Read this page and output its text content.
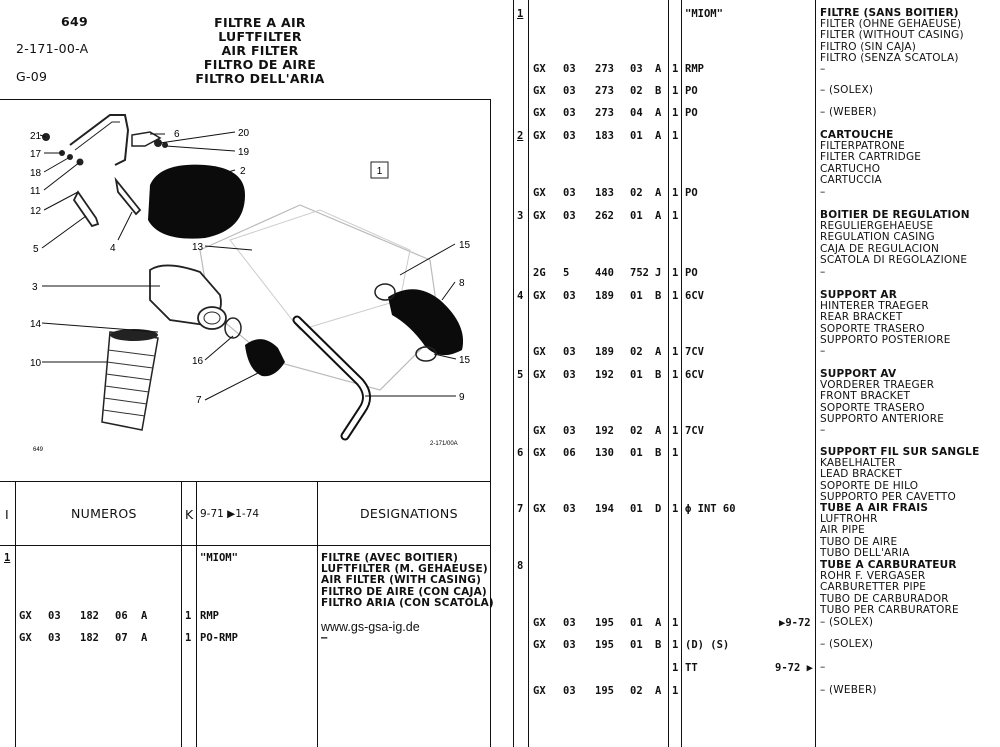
649
2-171-00-A
G-09
FILTRE A AIR
LUFTFILTER
AIR FILTER
FILTRO DE AIRE
FILTRO DELL'ARIA
1
21
17
18
11
12
5	4
6	20
19
2
13	15
8
3
14
10	16
7	9
15
649
2-171/00A
I	NUMEROS	K 9-71 ▶1-74	DESIGNATIONS
1	"MIOM"	FILTRE (AVEC BOITIER)
LUFTFILTER (M. GEHAEUSE)
AIR FILTER (WITH CASING)
FILTRO DE AIRE (CON CAJA)
FILTRO ARIA (CON SCATOLA)
GX 03 182 06 A	1 RMP
www.gs-gsa-ig.de
GX 03 182 07 A	1 PO-RMP	–
1	"MIOM"	FILTRE (SANS BOITIER)
FILTER (OHNE GEHAEUSE)
FILTER (WITHOUT CASING)
FILTRO (SIN CAJA)
FILTRO (SENZA SCATOLA)
–
GX 03 273 03 A 1 RMP
GX 03 273 02 B 1 PO	– (SOLEX)
GX 03 273 04 A 1 PO	– (WEBER)
2 GX 03 183 01 A 1	CARTOUCHE
FILTERPATRONE
FILTER CARTRIDGE
CARTUCHO
CARTUCCIA
GX 03 183 02 A 1 PO	–
3 GX 03 262 01 A 1	BOITIER DE REGULATION
REGULIERGEHAEUSE
REGULATION CASING
CAJA DE REGULACION
SCATOLA DI REGOLAZIONE
2G 5 440 752 J 1 PO	–
4 GX 03 189 01 B 1 6CV	SUPPORT AR
HINTERER TRAEGER
REAR BRACKET
SOPORTE TRASERO
SUPPORTO POSTERIORE
GX 03 189 02 A 1 7CV	–
5 GX 03 192 01 B 1 6CV	SUPPORT AV
VORDERER TRAEGER
FRONT BRACKET
SOPORTE TRASERO
SUPPORTO ANTERIORE
GX 03 192 02 A 1 7CV	–
6 GX 06 130 01 B 1	SUPPORT FIL SUR SANGLE
KABELHALTER
LEAD BRACKET
SOPORTE DE HILO
SUPPORTO PER CAVETTO
7 GX 03 194 01 D 1 ϕ INT 60	TUBE A AIR FRAIS
LUFTROHR
AIR PIPE
TUBO DE AIRE
TUBO DELL'ARIA
8	TUBE A CARBURATEUR
ROHR F. VERGASER
CARBURETTER PIPE
TUBO DE CARBURADOR
TUBO PER CARBURATORE
GX 03 195 01 A 1	▶9-72 – (SOLEX)
GX 03 195 01 B 1 (D) (S)	– (SOLEX)
1 TT	9-72 ▶ –
GX 03 195 02 A 1	– (WEBER)
